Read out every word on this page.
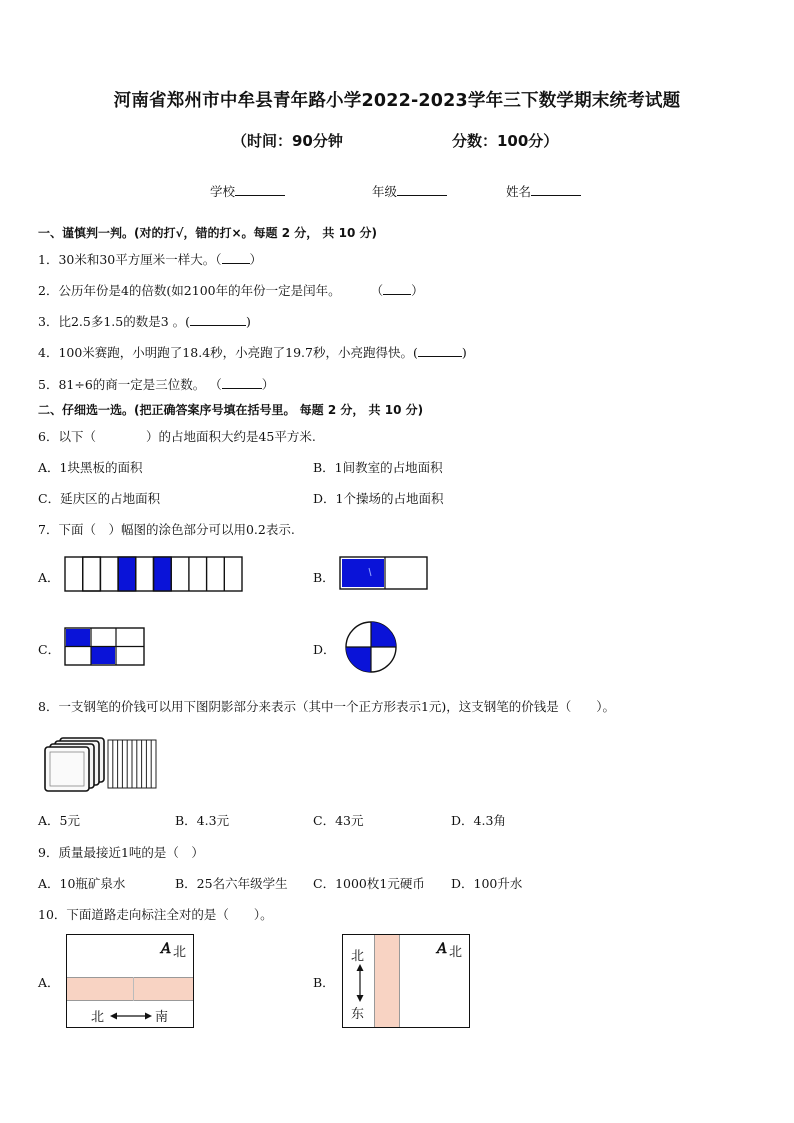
河南省郑州市中牟县青年路小学2022-2023学年三下数学期末统考试题
（时间：90分钟	分数：100分）
学校	年级	姓名
一、谨慎判一判。(对的打√，错的打×。每题 2 分， 共 10 分)
1．30米和30平方厘米一样大。（ ）
2．公历年份是4的倍数(如2100年的年份一定是闰年。 （ ）
3．比2.5多1.5的数是3 。(	)
4．100米赛跑，小明跑了18.4秒，小亮跑了19.7秒，小亮跑得快。(	)
5．81÷6的商一定是三位数。 （	）
二、仔细选一选。(把正确答案序号填在括号里。 每题 2 分， 共 10 分)
6．以下（　　　　）的占地面积大约是45平方米.
A．1块黑板的面积	B．1间教室的占地面积
C．延庆区的占地面积	D．1个操场的占地面积
7．下面（　）幅图的涂色部分可以用0.2表示.
A．	B．
C．	D．
8．一支钢笔的价钱可以用下图阴影部分来表示（其中一个正方形表示1元)，这支钢笔的价钱是（　　）。
A．5元	B．4.3元	C．43元	D．4.3角
9．质量最接近1吨的是（　）
A．10瓶矿泉水	B．25名六年级学生 C．1000枚1元硬币 D．100升水
10．下面道路走向标注全对的是（　　）。
A．
𝐴 北
北	南
B．
𝐴 北
北
东
